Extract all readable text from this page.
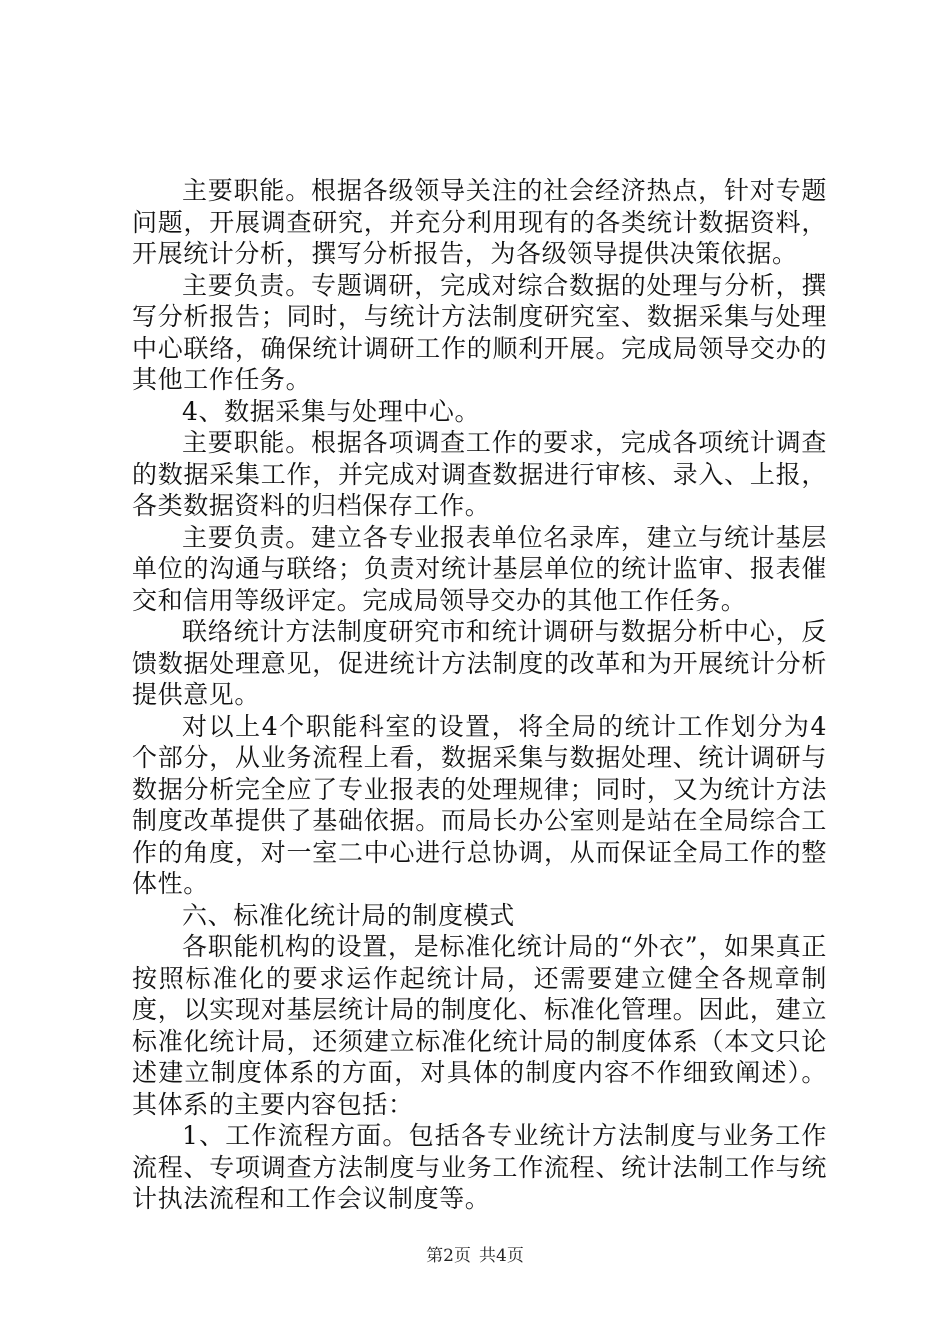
主要职能。根据各级领导关注的社会经济热点，针对专题问题，开展调查研究，并充分利用现有的各类统计数据资料，开展统计分析，撰写分析报告，为各级领导提供决策依据。

主要负责。专题调研，完成对综合数据的处理与分析，撰写分析报告；同时，与统计方法制度研究室、数据采集与处理中心联络，确保统计调研工作的顺利开展。完成局领导交办的其他工作任务。

4、数据采集与处理中心。

主要职能。根据各项调查工作的要求，完成各项统计调查的数据采集工作，并完成对调查数据进行审核、录入、上报，各类数据资料的归档保存工作。

主要负责。建立各专业报表单位名录库，建立与统计基层单位的沟通与联络；负责对统计基层单位的统计监审、报表催交和信用等级评定。完成局领导交办的其他工作任务。

联络统计方法制度研究市和统计调研与数据分析中心，反馈数据处理意见，促进统计方法制度的改革和为开展统计分析提供意见。

对以上4个职能科室的设置，将全局的统计工作划分为4个部分，从业务流程上看，数据采集与数据处理、统计调研与数据分析完全应了专业报表的处理规律；同时，又为统计方法制度改革提供了基础依据。而局长办公室则是站在全局综合工作的角度，对一室二中心进行总协调，从而保证全局工作的整体性。

六、标准化统计局的制度模式

各职能机构的设置，是标准化统计局的“外衣”，如果真正按照标准化的要求运作起统计局，还需要建立健全各规章制度，以实现对基层统计局的制度化、标准化管理。因此，建立标准化统计局，还须建立标准化统计局的制度体系（本文只论述建立制度体系的方面，对具体的制度内容不作细致阐述）。其体系的主要内容包括：

1、工作流程方面。包括各专业统计方法制度与业务工作流程、专项调查方法制度与业务工作流程、统计法制工作与统计执法流程和工作会议制度等。

第2页 共4页
